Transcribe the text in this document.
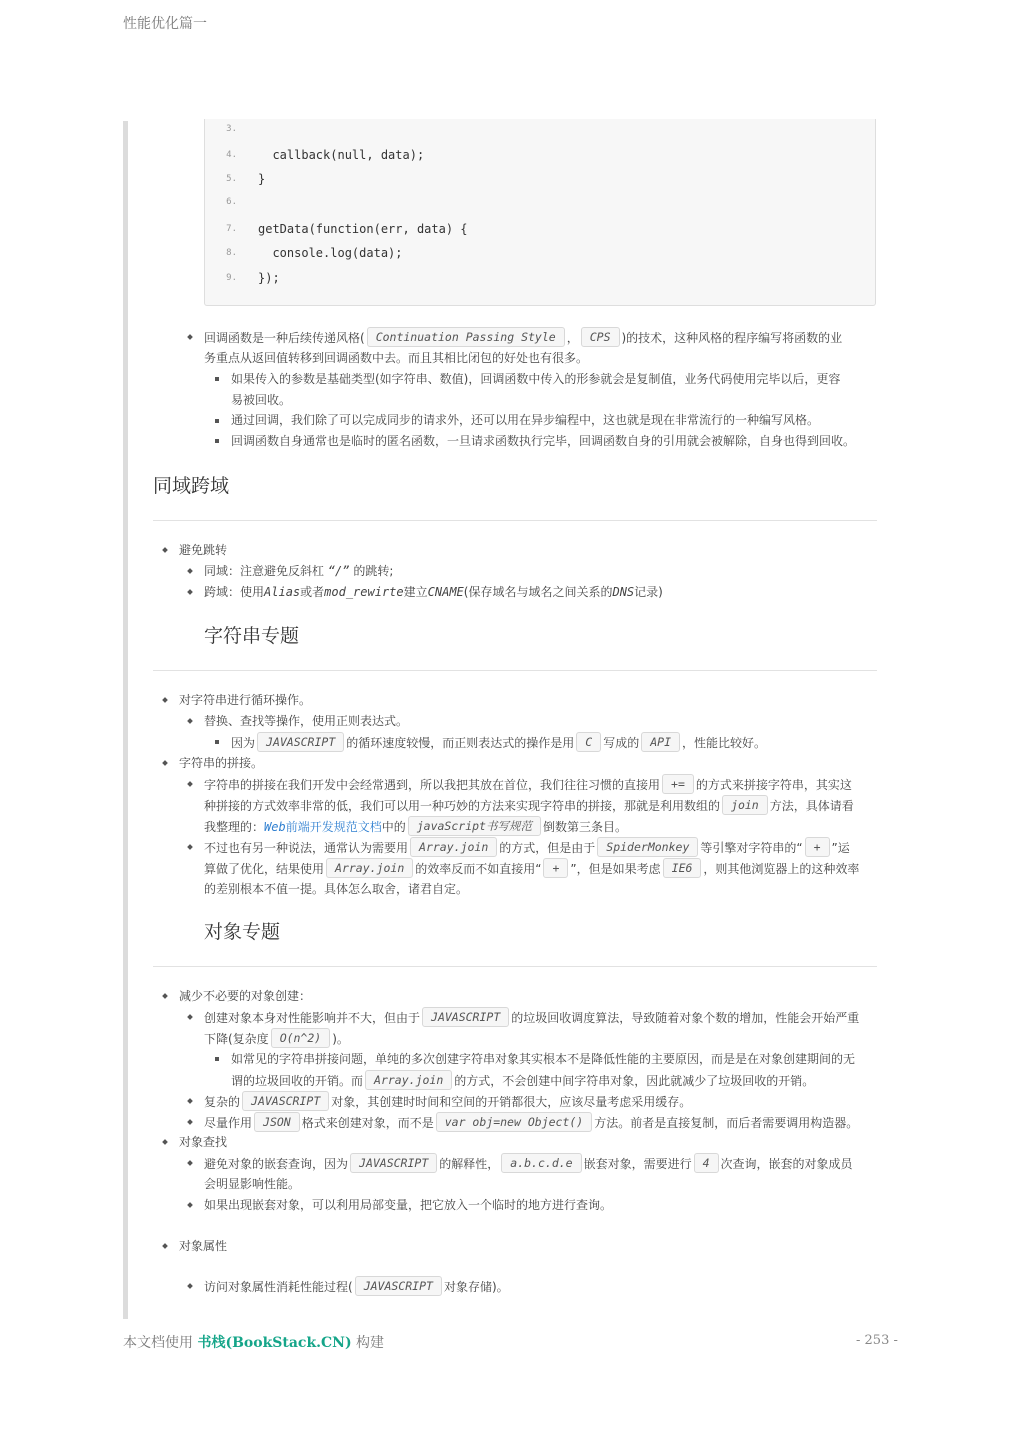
性能优化篇一
3.
4. callback(null, data);
5. }
6.
7. getData(function(err, data) {
8. console.log(data);
9. });
回调函数是一种后续传递风格( Continuation Passing Style ， CPS )的技术，这种风格的程序编写将函数的业
务重点从返回值转移到回调函数中去。而且其相比闭包的好处也有很多。
如果传入的参数是基础类型(如字符串、数值)，回调函数中传入的形参就会是复制值，业务代码使用完毕以后，更容
易被回收。
通过回调，我们除了可以完成同步的请求外，还可以用在异步编程中，这也就是现在非常流行的一种编写风格。
回调函数自身通常也是临时的匿名函数，一旦请求函数执行完毕，回调函数自身的引用就会被解除，自身也得到回收。
同域跨域
避免跳转
同域：注意避免反斜杠 “/” 的跳转;
跨域：使用Alias或者mod_rewirte建立CNAME(保存域名与域名之间关系的DNS记录)
字符串专题
对字符串进行循环操作。
替换、查找等操作，使用正则表达式。
因为 JAVASCRIPT 的循环速度较慢，而正则表达式的操作是用 C 写成的 API ，性能比较好。
字符串的拼接。
字符串的拼接在我们开发中会经常遇到，所以我把其放在首位，我们往往习惯的直接用 += 的方式来拼接字符串，其实这
种拼接的方式效率非常的低，我们可以用一种巧妙的方法来实现字符串的拼接，那就是利用数组的 join 方法，具体请看
我整理的：Web前端开发规范文档中的 javaScript书写规范 倒数第三条目。
不过也有另一种说法，通常认为需要用 Array.join 的方式，但是由于 SpiderMonkey 等引擎对字符串的“ + ”运
算做了优化，结果使用 Array.join 的效率反而不如直接用“ + ”，但是如果考虑 IE6 ，则其他浏览器上的这种效率
的差别根本不值一提。具体怎么取舍，诸君自定。
对象专题
减少不必要的对象创建：
创建对象本身对性能影响并不大，但由于 JAVASCRIPT 的垃圾回收调度算法，导致随着对象个数的增加，性能会开始严重
下降(复杂度 O(n^2) )。
如常见的字符串拼接问题，单纯的多次创建字符串对象其实根本不是降低性能的主要原因，而是是在对象创建期间的无
谓的垃圾回收的开销。而 Array.join 的方式，不会创建中间字符串对象，因此就减少了垃圾回收的开销。
复杂的 JAVASCRIPT 对象，其创建时时间和空间的开销都很大，应该尽量考虑采用缓存。
尽量作用 JSON 格式来创建对象，而不是 var obj=new Object() 方法。前者是直接复制，而后者需要调用构造器。
对象查找
避免对象的嵌套查询，因为 JAVASCRIPT 的解释性， a.b.c.d.e 嵌套对象，需要进行 4 次查询，嵌套的对象成员
会明显影响性能。
如果出现嵌套对象，可以利用局部变量，把它放入一个临时的地方进行查询。
对象属性
访问对象属性消耗性能过程( JAVASCRIPT 对象存储)。
本文档使用 书栈(BookStack.CN) 构建	- 253 -
